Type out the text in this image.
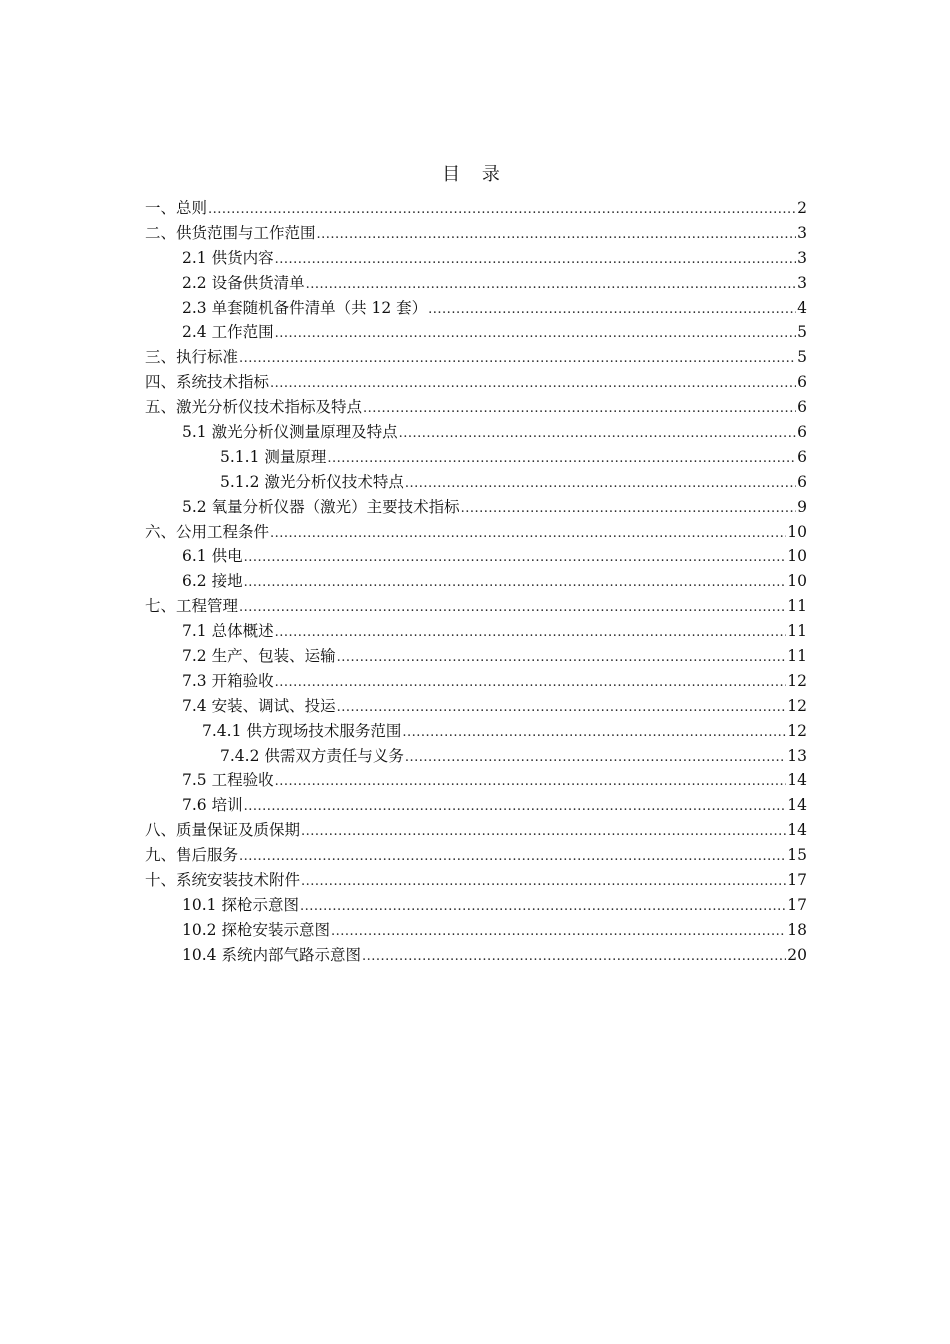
目 录
一、总则 .....	2
二、供货范围与工作范围 .....	3
2.1 供货内容 .....	3
2.2 设备供货清单 .....	3
2.3 单套随机备件清单（共 12 套） .....	4
2.4 工作范围 .....	5
三、执行标准 .....	5
四、系统技术指标 .....	6
五、激光分析仪技术指标及特点 .....	6
5.1 激光分析仪测量原理及特点 .....	6
5.1.1 测量原理 .....	6
5.1.2 激光分析仪技术特点 .....	6
5.2 氧量分析仪器（激光）主要技术指标 .....	9
六、公用工程条件 .....	10
6.1 供电 .....	10
6.2 接地 .....	10
七、工程管理 .....	11
7.1 总体概述 .....	11
7.2 生产、包装、运输 .....	11
7.3 开箱验收 .....	12
7.4 安装、调试、投运 .....	12
7.4.1 供方现场技术服务范围 .....	12
7.4.2 供需双方责任与义务 .....	13
7.5 工程验收 .....	14
7.6 培训 .....	14
八、质量保证及质保期 .....	14
九、售后服务 .....	15
十、系统安装技术附件 .....	17
10.1 探枪示意图 .....	17
10.2 探枪安装示意图 .....	18
10.4 系统内部气路示意图 .....	20
